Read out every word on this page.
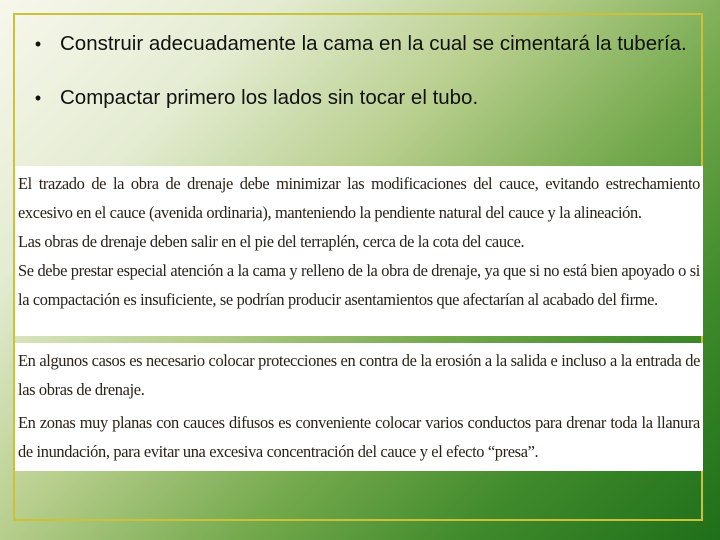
• Construir adecuadamente la cama en la cual se cimentará la tubería.
• Compactar primero los lados sin tocar el tubo.

El trazado de la obra de drenaje debe minimizar las modificaciones del cauce, evitando estrechamiento excesivo en el cauce (avenida ordinaria), manteniendo la pendiente natural del cauce y la alineación.

Las obras de drenaje deben salir en el pie del terraplén, cerca de la cota del cauce.

Se debe prestar especial atención a la cama y relleno de la obra de drenaje, ya que si no está bien apoyado o si la compactación es insuficiente, se podrían producir asentamientos que afectarían al acabado del firme.

En algunos casos es necesario colocar protecciones en contra de la erosión a la salida e incluso a la entrada de las obras de drenaje.

En zonas muy planas con cauces difusos es conveniente colocar varios conductos para drenar toda la llanura de inundación, para evitar una excesiva concentración del cauce y el efecto “presa”.
